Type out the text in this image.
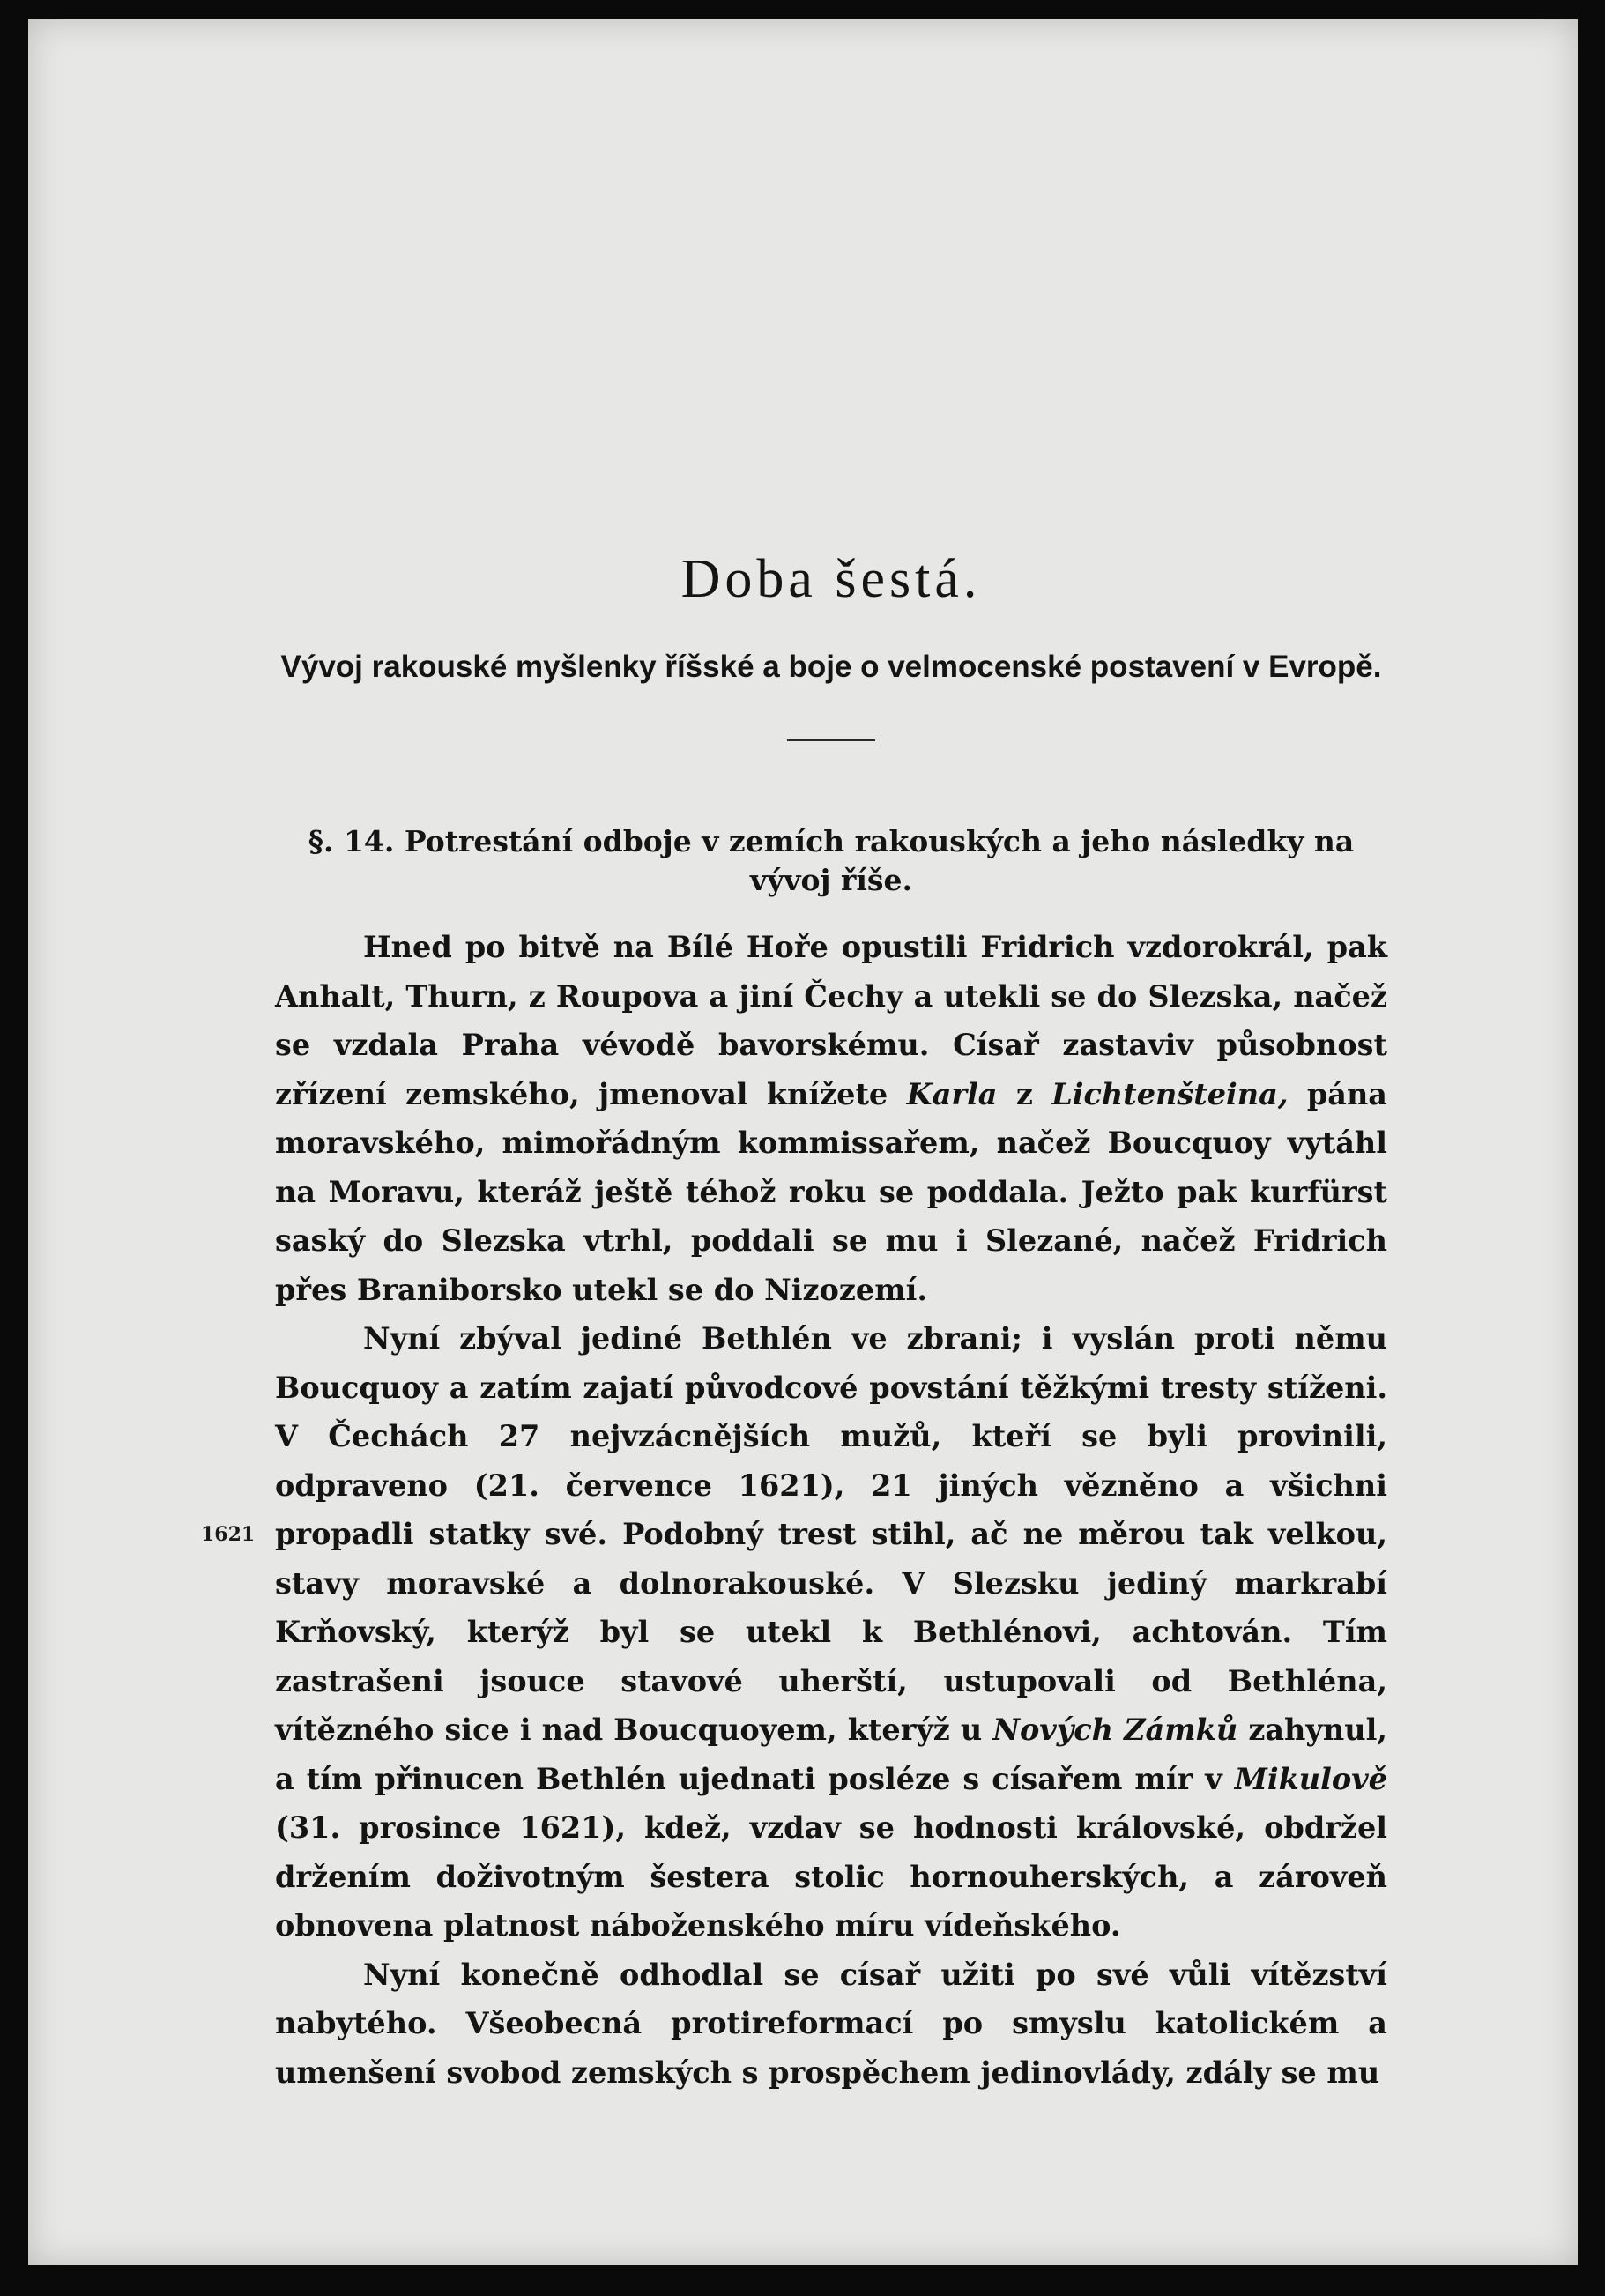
1621
Doba šestá.
Vývoj rakouské myšlenky říšské a boje o velmocenské postavení v Evropě.
§. 14. Potrestání odboje v zemích rakouských a jeho následky na vývoj říše.

Hned po bitvě na Bílé Hoře opustili Fridrich vzdorokrál, pak Anhalt, Thurn, z Roupova a jiní Čechy a utekli se do Slezska, načež se vzdala Praha vévodě bavorskému. Císař zastaviv působnost zřízení zemského, jmenoval knížete Karla z Lichtenšteina, pána moravského, mimořádným kommissařem, načež Boucquoy vytáhl na Moravu, kteráž ještě téhož roku se poddala. Ježto pak kurfürst saský do Slezska vtrhl, poddali se mu i Slezané, načež Fridrich přes Braniborsko utekl se do Nizozemí.

Nyní zbýval jediné Bethlén ve zbrani; i vyslán proti němu Boucquoy a zatím zajatí původcové povstání těžkými tresty stíženi. V Čechách 27 nejvzácnějších mužů, kteří se byli provinili, odpraveno (21. července 1621), 21 jiných vězněno a všichni propadli statky své. Podobný trest stihl, ač ne měrou tak velkou, stavy moravské a dolnorakouské. V Slezsku jediný markrabí Krňovský, kterýž byl se utekl k Bethlénovi, achtován. Tím zastrašeni jsouce stavové uherští, ustupovali od Bethléna, vítězného sice i nad Boucquoyem, kterýž u Nových Zámků zahynul, a tím přinucen Bethlén ujednati posléze s císařem mír v Mikulově (31. prosince 1621), kdež, vzdav se hodnosti královské, obdržel držením doživotným šestera stolic hornouherských, a zároveň obnovena platnost náboženského míru vídeňského.

Nyní konečně odhodlal se císař užiti po své vůli vítězství nabytého. Všeobecná protireformací po smyslu katolickém a umenšení svobod zemských s prospěchem jedinovlády, zdály se mu
